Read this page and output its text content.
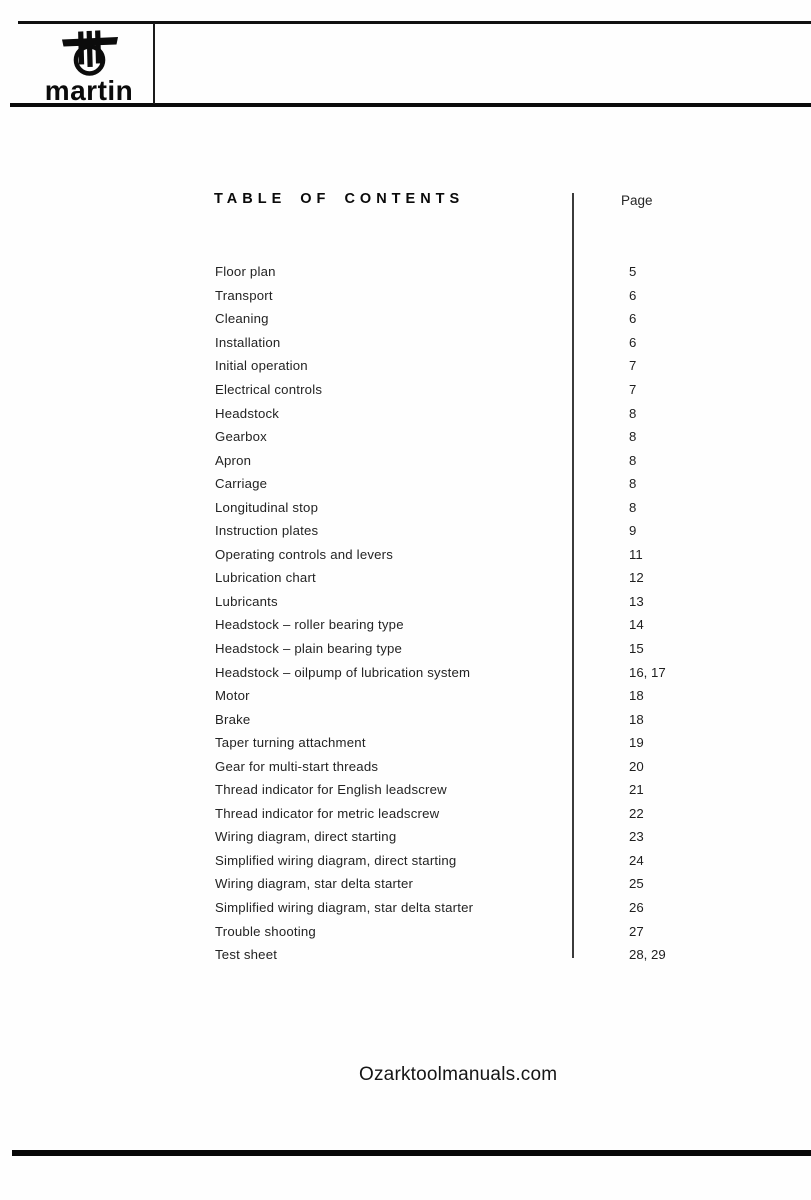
martin
TABLE OF CONTENTS	Page
Floor plan	5
Transport	6
Cleaning	6
Installation	6
Initial operation	7
Electrical controls	7
Headstock	8
Gearbox	8
Apron	8
Carriage	8
Longitudinal stop	8
Instruction plates	9
Operating controls and levers	11
Lubrication chart	12
Lubricants	13
Headstock – roller bearing type	14
Headstock – plain bearing type	15
Headstock – oilpump of lubrication system	16, 17
Motor	18
Brake	18
Taper turning attachment	19
Gear for multi-start threads	20
Thread indicator for English leadscrew	21
Thread indicator for metric leadscrew	22
Wiring diagram, direct starting	23
Simplified wiring diagram, direct starting	24
Wiring diagram, star delta starter	25
Simplified wiring diagram, star delta starter	26
Trouble shooting	27
Test sheet	28, 29
Ozarktoolmanuals.com
